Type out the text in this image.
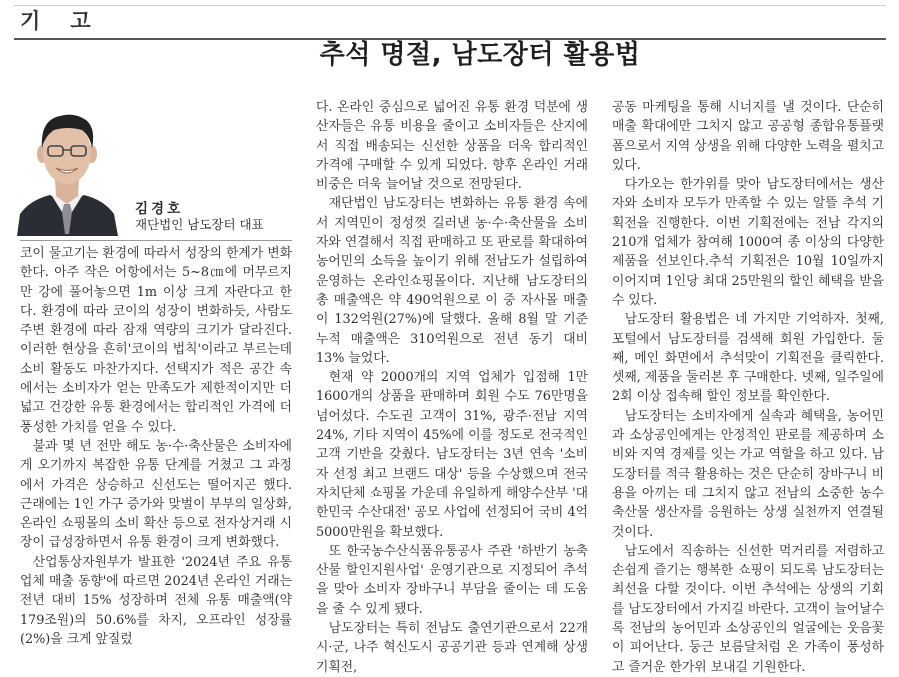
기고
추석 명절, 남도장터 활용법
김경호
재단법인 남도장터 대표

코이 물고기는 환경에 따라서 성장의 한계가 변화한다. 아주 작은 어항에서는 5~8㎝에 머무르지만 강에 풀어놓으면 1m 이상 크게 자란다고 한다. 환경에 따라 코이의 성장이 변화하듯, 사람도 주변 환경에 따라 잠재 역량의 크기가 달라진다. 이러한 현상을 흔히'코이의 법칙'이라고 부르는데 소비 활동도 마찬가지다. 선택지가 적은 공간 속에서는 소비자가 얻는 만족도가 제한적이지만 더 넓고 건강한 유통 환경에서는 합리적인 가격에 더 풍성한 가치를 얻을 수 있다.

불과 몇 년 전만 해도 농·수·축산물은 소비자에게 오기까지 복잡한 유통 단계를 거쳤고 그 과정에서 가격은 상승하고 신선도는 떨어지곤 했다. 근래에는 1인 가구 증가와 맞벌이 부부의 일상화, 온라인 쇼핑몰의 소비 확산 등으로 전자상거래 시장이 급성장하면서 유통 환경이 크게 변화했다.

산업통상자원부가 발표한 '2024년 주요 유통 업체 매출 동향'에 따르면 2024년 온라인 거래는 전년 대비 15% 성장하며 전체 유통 매출액(약 179조원)의 50.6%를 차지, 오프라인 성장률(2%)을 크게 앞질렀

다. 온라인 중심으로 넓어진 유통 환경 덕분에 생산자들은 유통 비용을 줄이고 소비자들은 산지에서 직접 배송되는 신선한 상품을 더욱 합리적인 가격에 구매할 수 있게 되었다. 향후 온라인 거래 비중은 더욱 늘어날 것으로 전망된다.

재단법인 남도장터는 변화하는 유통 환경 속에서 지역민이 정성껏 길러낸 농·수·축산물을 소비자와 연결해서 직접 판매하고 또 판로를 확대하여 농어민의 소득을 높이기 위해 전남도가 설립하여 운영하는 온라인쇼핑몰이다. 지난해 남도장터의 총 매출액은 약 490억원으로 이 중 자사몰 매출이 132억원(27%)에 달했다. 올해 8월 말 기준 누적 매출액은 310억원으로 전년 동기 대비 13% 늘었다.

현재 약 2000개의 지역 업체가 입점해 1만 1600개의 상품을 판매하며 회원 수도 76만명을 넘어섰다. 수도권 고객이 31%, 광주·전남 지역 24%, 기타 지역이 45%에 이를 정도로 전국적인 고객 기반을 갖췄다. 남도장터는 3년 연속 '소비자 선정 최고 브랜드 대상' 등을 수상했으며 전국 자치단체 쇼핑몰 가운데 유일하게 해양수산부 '대한민국 수산대전' 공모 사업에 선정되어 국비 4억5000만원을 확보했다.

또 한국농수산식품유통공사 주관 '하반기 농축산물 할인지원사업' 운영기관으로 지정되어 추석을 맞아 소비자 장바구니 부담을 줄이는 데 도움을 줄 수 있게 됐다.

남도장터는 특히 전남도 출연기관으로서 22개 시·군, 나주 혁신도시 공공기관 등과 연계해 상생 기획전,

공동 마케팅을 통해 시너지를 낼 것이다. 단순히 매출 확대에만 그치지 않고 공공형 종합유통플랫폼으로서 지역 상생을 위해 다양한 노력을 펼치고 있다.

다가오는 한가위를 맞아 남도장터에서는 생산자와 소비자 모두가 만족할 수 있는 알뜰 추석 기획전을 진행한다. 이번 기획전에는 전남 각지의 210개 업체가 참여해 1000여 종 이상의 다양한 제품을 선보인다.추석 기획전은 10월 10일까지 이어지며 1인당 최대 25만원의 할인 혜택을 받을 수 있다.

남도장터 활용법은 네 가지만 기억하자. 첫째, 포털에서 남도장터를 검색해 회원 가입한다. 둘째, 메인 화면에서 추석맞이 기획전을 클릭한다. 셋째, 제품을 둘러본 후 구매한다. 넷째, 일주일에 2회 이상 접속해 할인 정보를 확인한다.

남도장터는 소비자에게 실속과 혜택을, 농어민과 소상공인에게는 안정적인 판로를 제공하며 소비와 지역 경제를 잇는 가교 역할을 하고 있다. 남도장터를 적극 활용하는 것은 단순히 장바구니 비용을 아끼는 데 그치지 않고 전남의 소중한 농수축산물 생산자를 응원하는 상생 실천까지 연결될 것이다.

남도에서 직송하는 신선한 먹거리를 저렴하고 손쉽게 즐기는 행복한 쇼핑이 되도록 남도장터는 최선을 다할 것이다. 이번 추석에는 상생의 기회를 남도장터에서 가지길 바란다. 고객이 늘어날수록 전남의 농어민과 소상공인의 얼굴에는 웃음꽃이 피어난다. 둥근 보름달처럼 온 가족이 풍성하고 즐거운 한가위 보내길 기원한다.
